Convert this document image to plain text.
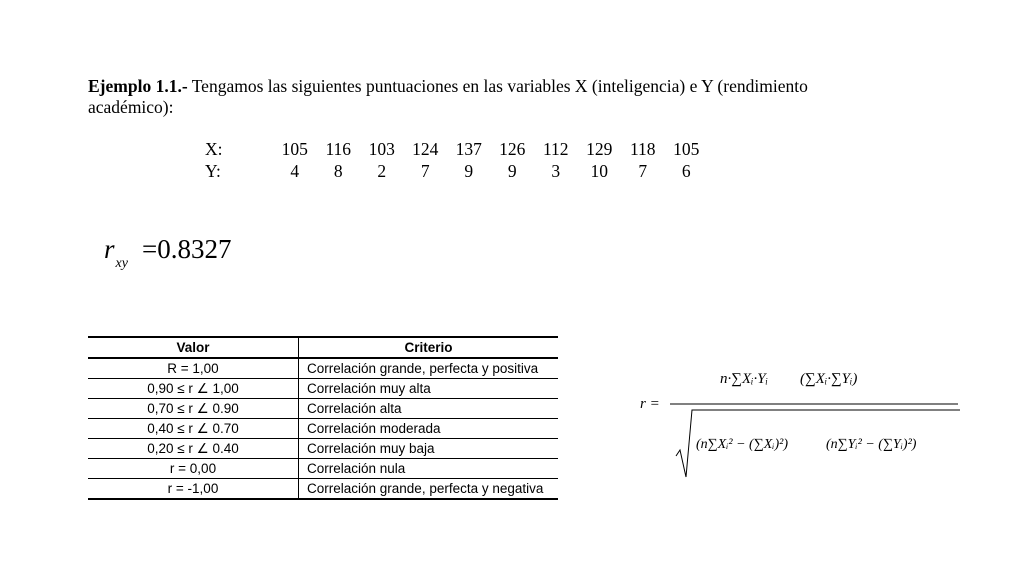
Ejemplo 1.1.- Tengamos las siguientes puntuaciones en las variables X (inteligencia) e Y (rendimiento académico):
X:	105	116	103	124	137	126	112	129	118	105
Y:	4	8	2	7	9	9	3	10	7	6
$r_{xy} =0.8327$
Valor	Criterio
R = 1,00	Correlación grande, perfecta y positiva
0,90 ≤ r ∠ 1,00	Correlación muy alta
0,70 ≤ r ∠ 0.90	Correlación alta
0,40 ≤ r ∠ 0.70	Correlación moderada
0,20 ≤ r ∠ 0.40	Correlación muy baja
r = 0,00	Correlación nula
r = -1,00	Correlación grande, perfecta y negativa
r =
n·∑Xᵢ·Yᵢ (∑Xᵢ·∑Yᵢ)
(n∑Xᵢ² − (∑Xᵢ)²)	(n∑Yᵢ² − (∑Yᵢ)²)
